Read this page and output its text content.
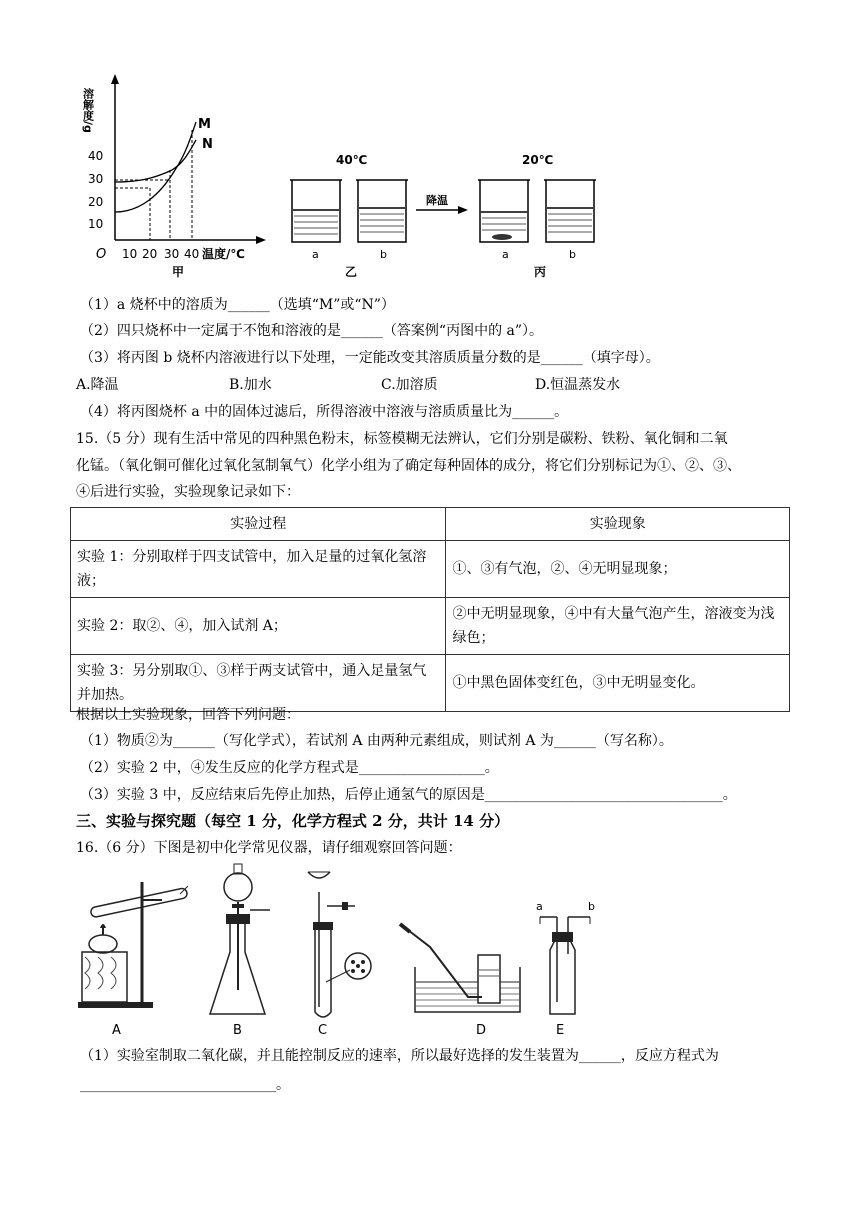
溶解度/g
40
30
20
10
O 10 20 30 40 温度/℃
M
N
甲
40℃	20℃
降温
a	b	a	b
乙	丙
（1）a 烧杯中的溶质为______（选填“M”或“N”）
（2）四只烧杯中一定属于不饱和溶液的是______（答案例“丙图中的 a”）。
（3）将丙图 b 烧杯内溶液进行以下处理，一定能改变其溶质质量分数的是______（填字母）。
A.降温	B.加水	C.加溶质	D.恒温蒸发水
（4）将丙图烧杯 a 中的固体过滤后，所得溶液中溶液与溶质质量比为______。
15.（5 分）现有生活中常见的四种黑色粉末，标签模糊无法辨认，它们分别是碳粉、铁粉、氧化铜和二氧
化锰。（氧化铜可催化过氧化氢制氧气）化学小组为了确定每种固体的成分，将它们分别标记为①、②、③、
④后进行实验，实验现象记录如下：
实验过程	实验现象
实验 1：分别取样于四支试管中，加入足量的过氧化氢溶液；	①、③有气泡，②、④无明显现象；
实验 2：取②、④，加入试剂 A；	②中无明显现象，④中有大量气泡产生，溶液变为浅绿色；
实验 3：另分别取①、③样于两支试管中，通入足量氢气并加热。	①中黑色固体变红色，③中无明显变化。
根据以上实验现象，回答下列问题：
（1）物质②为______（写化学式），若试剂 A 由两种元素组成，则试剂 A 为______（写名称）。
（2）实验 2 中，④发生反应的化学方程式是__________________。
（3）实验 3 中，反应结束后先停止加热，后停止通氢气的原因是__________________________________。
三、实验与探究题（每空 1 分，化学方程式 2 分，共计 14 分）
16.（6 分）下图是初中化学常见仪器，请仔细观察回答问题：
A	B	C	D	E
a	b
（1）实验室制取二氧化碳，并且能控制反应的速率，所以最好选择的发生装置为______，反应方程式为
____________________________。
